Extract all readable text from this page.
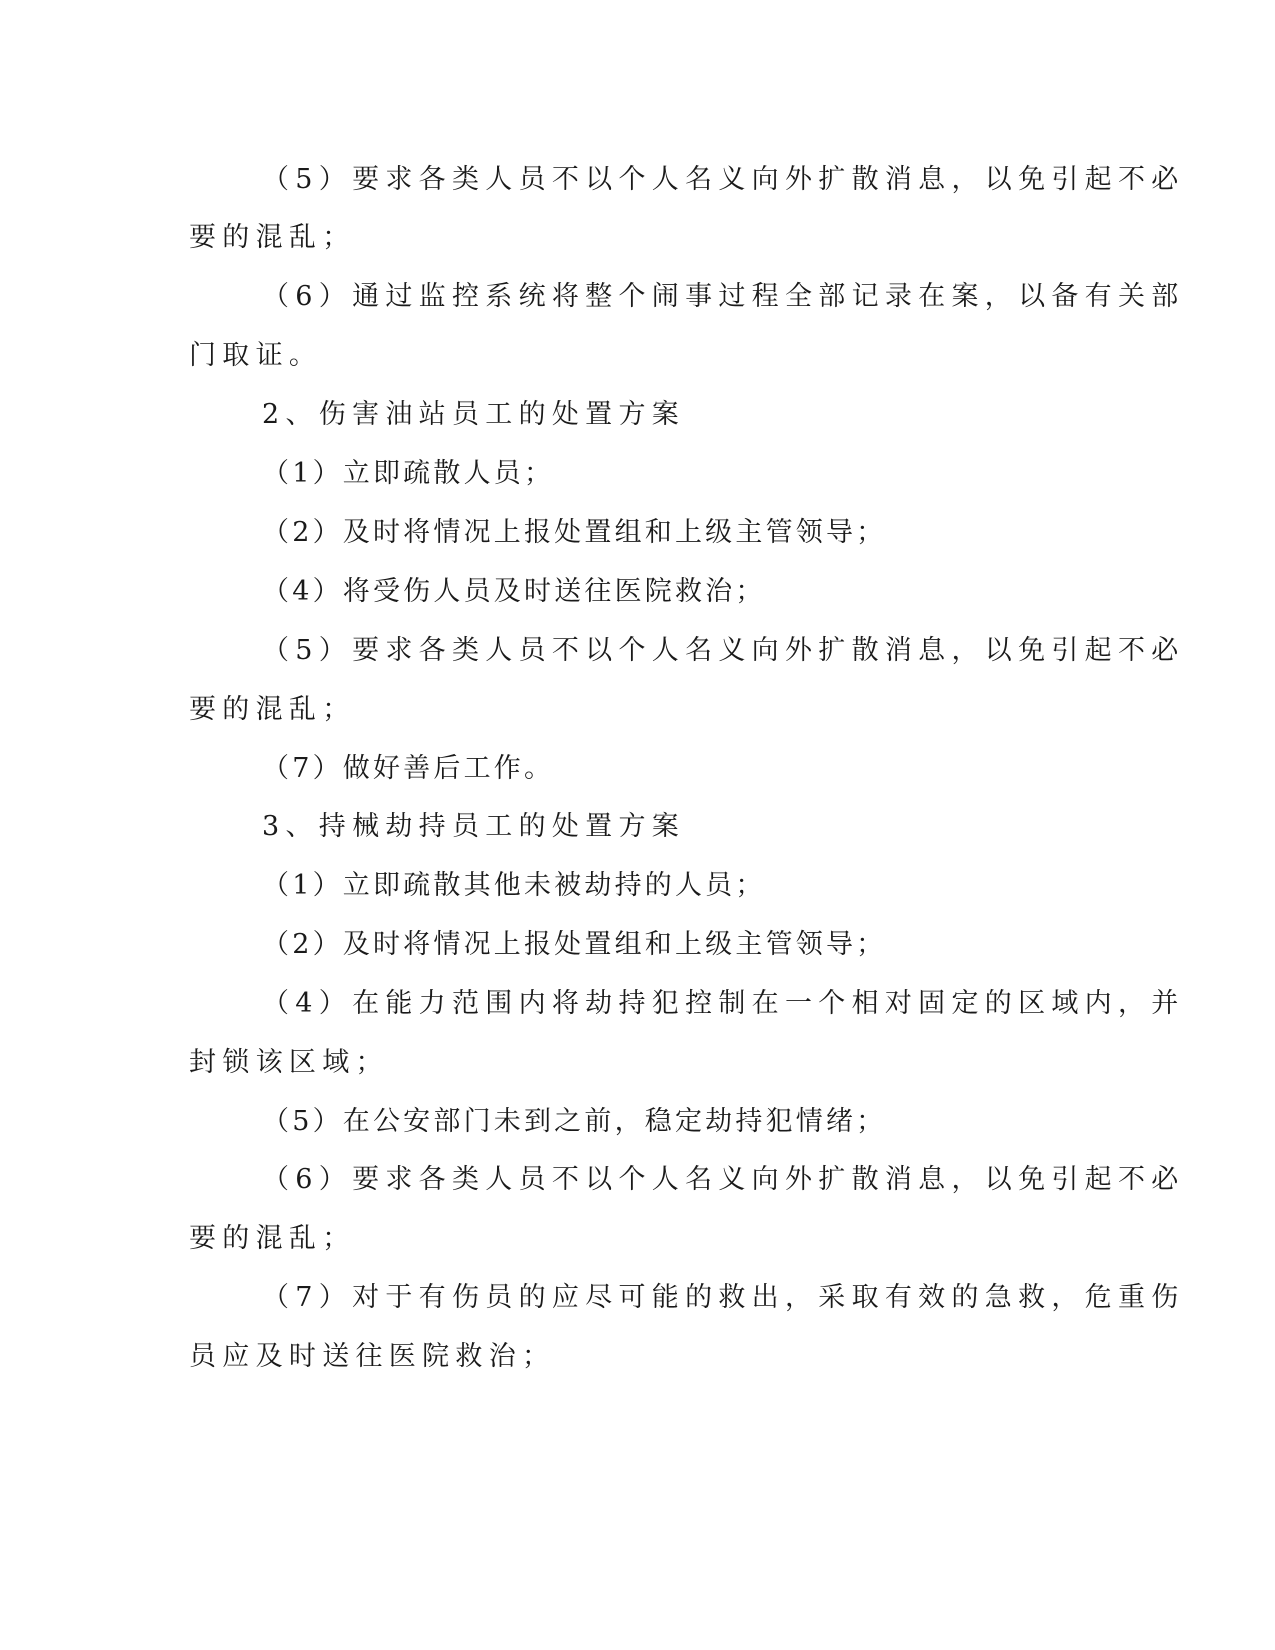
（5）要求各类人员不以个人名义向外扩散消息，以免引起不必
要的混乱；
（6）通过监控系统将整个闹事过程全部记录在案，以备有关部
门取证。
2、伤害油站员工的处置方案
（1）立即疏散人员；
（2）及时将情况上报处置组和上级主管领导；
（4）将受伤人员及时送往医院救治；
（5）要求各类人员不以个人名义向外扩散消息，以免引起不必
要的混乱；
（7）做好善后工作。
3、持械劫持员工的处置方案
（1）立即疏散其他未被劫持的人员；
（2）及时将情况上报处置组和上级主管领导；
（4）在能力范围内将劫持犯控制在一个相对固定的区域内，并
封锁该区域；
（5）在公安部门未到之前，稳定劫持犯情绪；
（6）要求各类人员不以个人名义向外扩散消息，以免引起不必
要的混乱；
（7）对于有伤员的应尽可能的救出，采取有效的急救，危重伤
员应及时送往医院救治；
